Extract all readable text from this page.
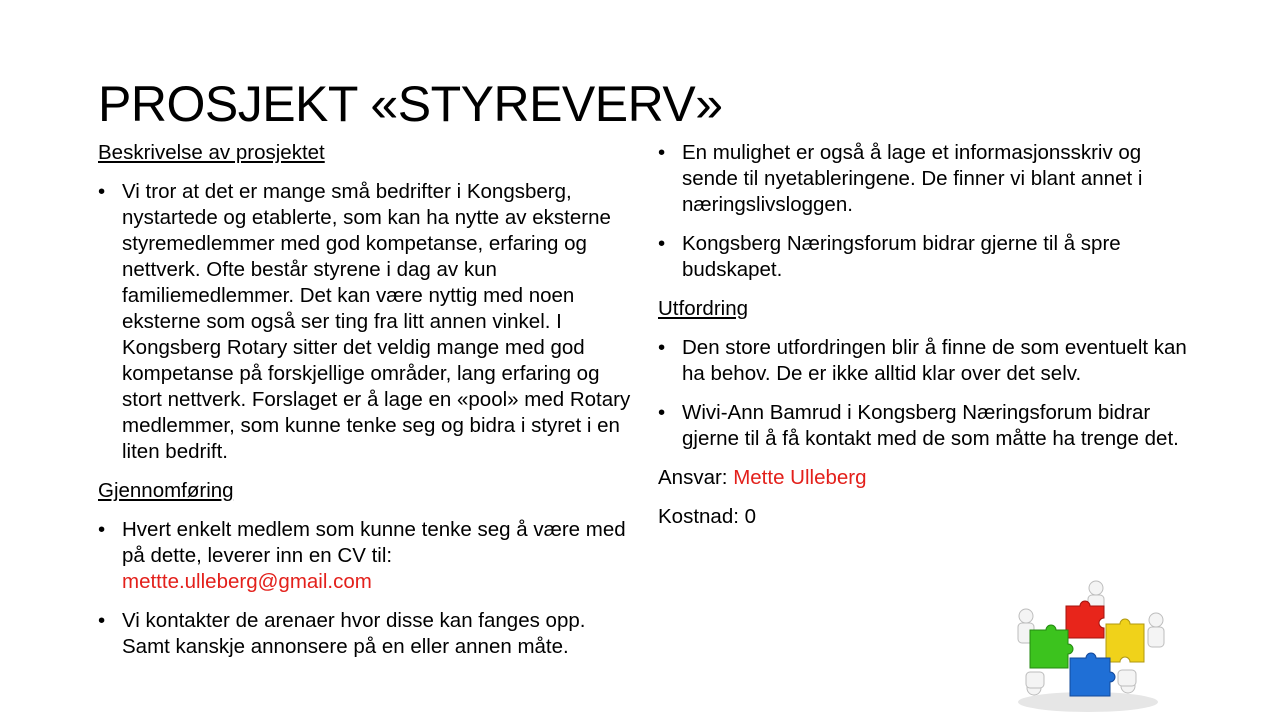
PROSJEKT «STYREVERV»

Beskrivelse av prosjektet

• Vi tror at det er mange små bedrifter i Kongsberg, nystartede og etablerte, som kan ha nytte av eksterne styremedlemmer med god kompetanse, erfaring og nettverk. Ofte består styrene i dag av kun familiemedlemmer. Det kan være nyttig med noen eksterne som også ser ting fra litt annen vinkel. I Kongsberg Rotary sitter det veldig mange med god kompetanse på forskjellige områder, lang erfaring og stort nettverk. Forslaget er å lage en «pool» med Rotary medlemmer, som kunne tenke seg og bidra i styret i en liten bedrift.

Gjennomføring

• Hvert enkelt medlem som kunne tenke seg å være med på dette, leverer inn en CV til:
mettte.ulleberg@gmail.com
• Vi kontakter de arenaer hvor disse kan fanges opp. Samt kanskje annonsere på en eller annen måte.
• En mulighet er også å lage et informasjonsskriv og sende til nyetableringene. De finner vi blant annet i næringslivsloggen.
• Kongsberg Næringsforum bidrar gjerne til å spre budskapet.

Utfordring

• Den store utfordringen blir å finne de som eventuelt kan ha behov. De er ikke alltid klar over det selv.
• Wivi-Ann Bamrud i Kongsberg Næringsforum bidrar gjerne til å få kontakt med de som måtte ha trenge det.

Ansvar: Mette Ulleberg

Kostnad: 0
